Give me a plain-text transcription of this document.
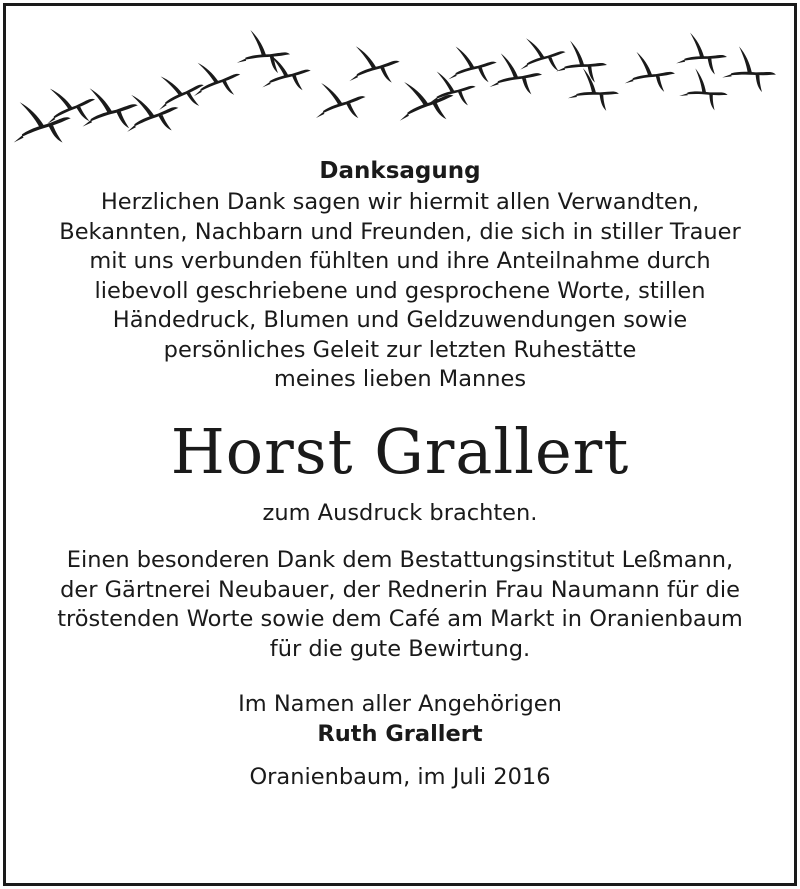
Danksagung

Herzlichen Dank sagen wir hiermit allen Verwandten,
Bekannten, Nachbarn und Freunden, die sich in stiller Trauer
mit uns verbunden fühlten und ihre Anteilnahme durch
liebevoll geschriebene und gesprochene Worte, stillen
Händedruck, Blumen und Geldzuwendungen sowie
persönliches Geleit zur letzten Ruhestätte
meines lieben Mannes

Horst Grallert

zum Ausdruck brachten.

Einen besonderen Dank dem Bestattungsinstitut Leßmann,
der Gärtnerei Neubauer, der Rednerin Frau Naumann für die
tröstenden Worte sowie dem Café am Markt in Oranienbaum
für die gute Bewirtung.

Im Namen aller Angehörigen
Ruth Grallert

Oranienbaum, im Juli 2016
